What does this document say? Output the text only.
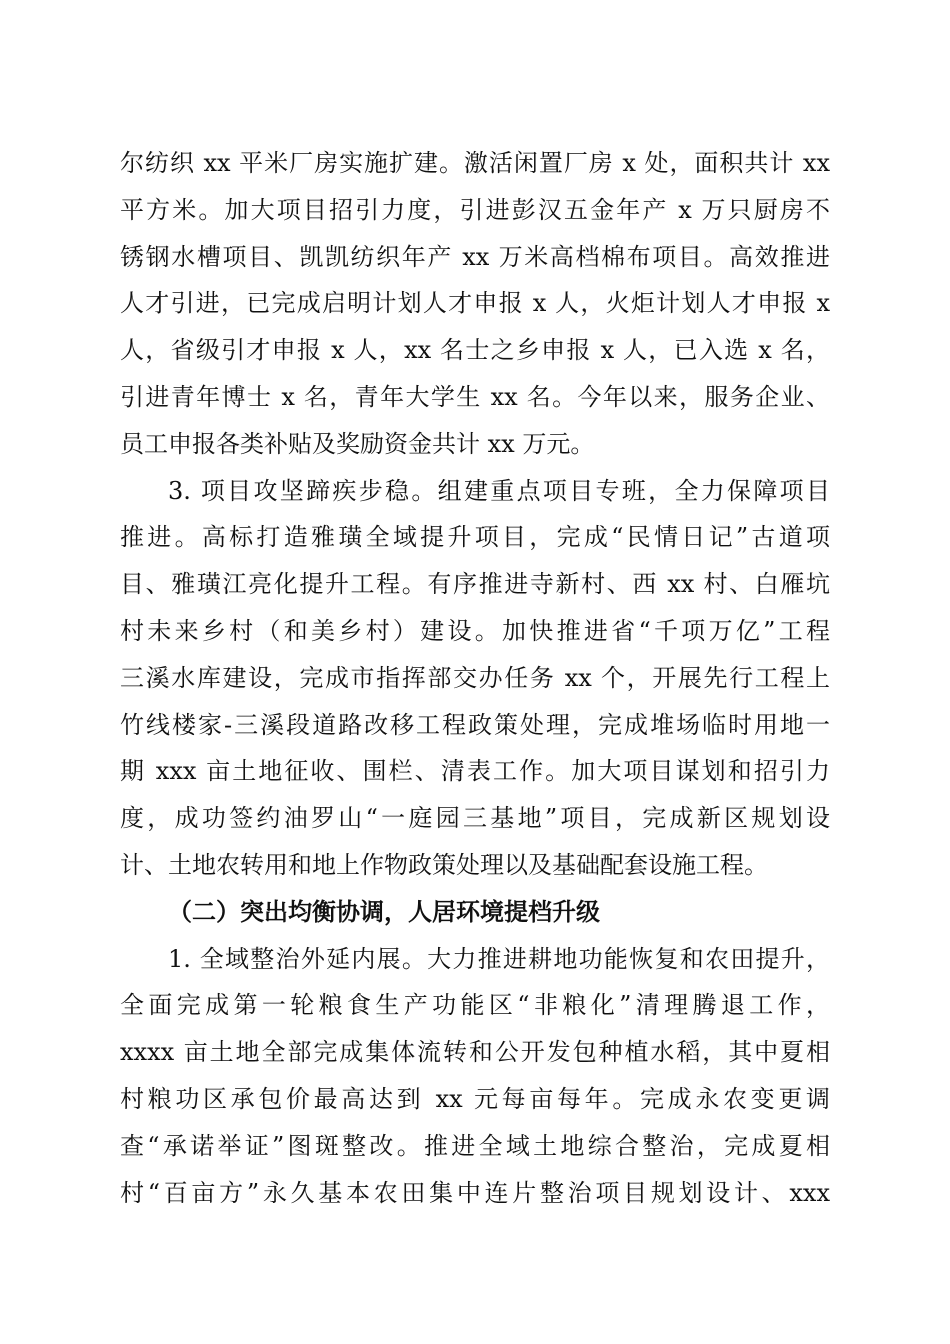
尔纺织 xx 平米厂房实施扩建。激活闲置厂房 x 处，面积共计 xx
平方米。加大项目招引力度，引进彭汉五金年产 x 万只厨房不
锈钢水槽项目、凯凯纺织年产 xx 万米高档棉布项目。高效推进
人才引进，已完成启明计划人才申报 x 人，火炬计划人才申报 x
人，省级引才申报 x 人，xx 名士之乡申报 x 人，已入选 x 名，
引进青年博士 x 名，青年大学生 xx 名。今年以来，服务企业、
员工申报各类补贴及奖励资金共计 xx 万元。
3. 项目攻坚蹄疾步稳。组建重点项目专班，全力保障项目
推进。高标打造雅璜全域提升项目，完成“民情日记”古道项
目、雅璜江亮化提升工程。有序推进寺新村、西 xx 村、白雁坑
村未来乡村（和美乡村）建设。加快推进省“千项万亿”工程
三溪水库建设，完成市指挥部交办任务 xx 个，开展先行工程上
竹线楼家-三溪段道路改移工程政策处理，完成堆场临时用地一
期 xxx 亩土地征收、围栏、清表工作。加大项目谋划和招引力
度，成功签约油罗山“一庭园三基地”项目，完成新区规划设
计、土地农转用和地上作物政策处理以及基础配套设施工程。
（二）突出均衡协调，人居环境提档升级
1. 全域整治外延内展。大力推进耕地功能恢复和农田提升，
全面完成第一轮粮食生产功能区“非粮化”清理腾退工作，
xxxx 亩土地全部完成集体流转和公开发包种植水稻，其中夏相
村粮功区承包价最高达到 xx 元每亩每年。完成永农变更调
查“承诺举证”图斑整改。推进全域土地综合整治，完成夏相
村“百亩方”永久基本农田集中连片整治项目规划设计、xxx
